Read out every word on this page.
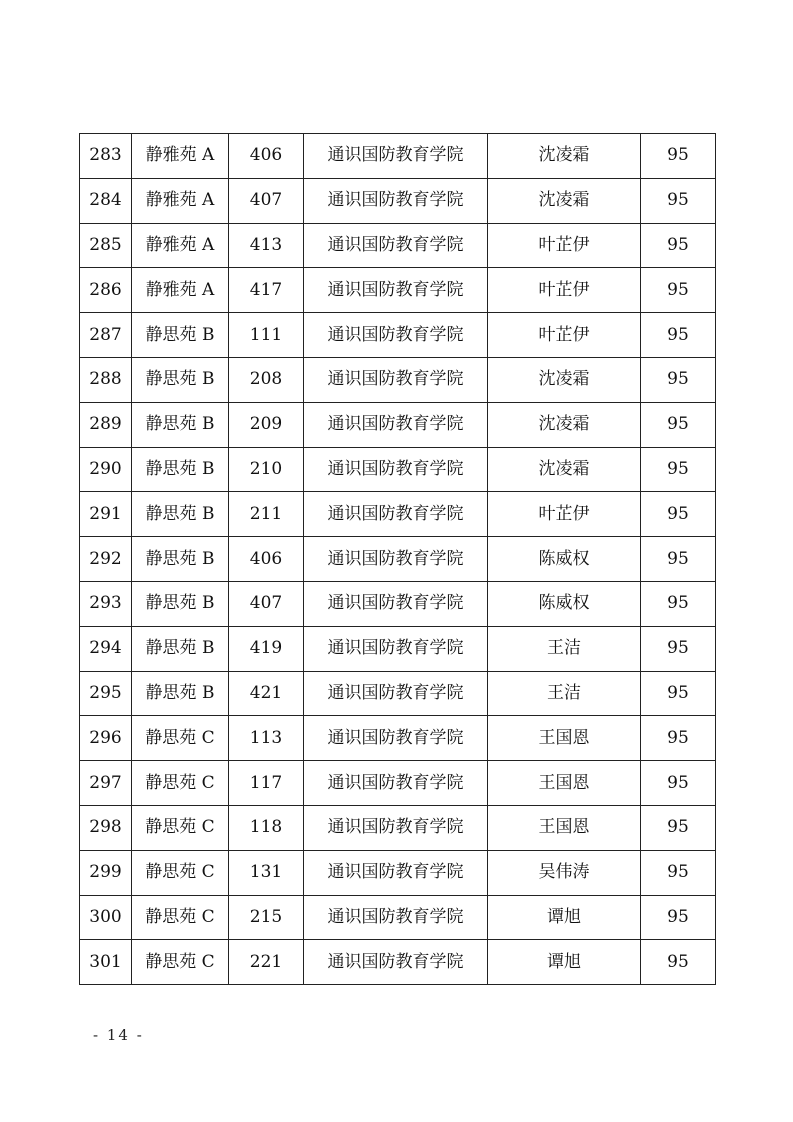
283	静雅苑 A	406	通识国防教育学院	沈凌霜	95
284	静雅苑 A	407	通识国防教育学院	沈凌霜	95
285	静雅苑 A	413	通识国防教育学院	叶芷伊	95
286	静雅苑 A	417	通识国防教育学院	叶芷伊	95
287	静思苑 B	111	通识国防教育学院	叶芷伊	95
288	静思苑 B	208	通识国防教育学院	沈凌霜	95
289	静思苑 B	209	通识国防教育学院	沈凌霜	95
290	静思苑 B	210	通识国防教育学院	沈凌霜	95
291	静思苑 B	211	通识国防教育学院	叶芷伊	95
292	静思苑 B	406	通识国防教育学院	陈威权	95
293	静思苑 B	407	通识国防教育学院	陈威权	95
294	静思苑 B	419	通识国防教育学院	王洁	95
295	静思苑 B	421	通识国防教育学院	王洁	95
296	静思苑 C	113	通识国防教育学院	王国恩	95
297	静思苑 C	117	通识国防教育学院	王国恩	95
298	静思苑 C	118	通识国防教育学院	王国恩	95
299	静思苑 C	131	通识国防教育学院	吴伟涛	95
300	静思苑 C	215	通识国防教育学院	谭旭	95
301	静思苑 C	221	通识国防教育学院	谭旭	95
- 14 -
